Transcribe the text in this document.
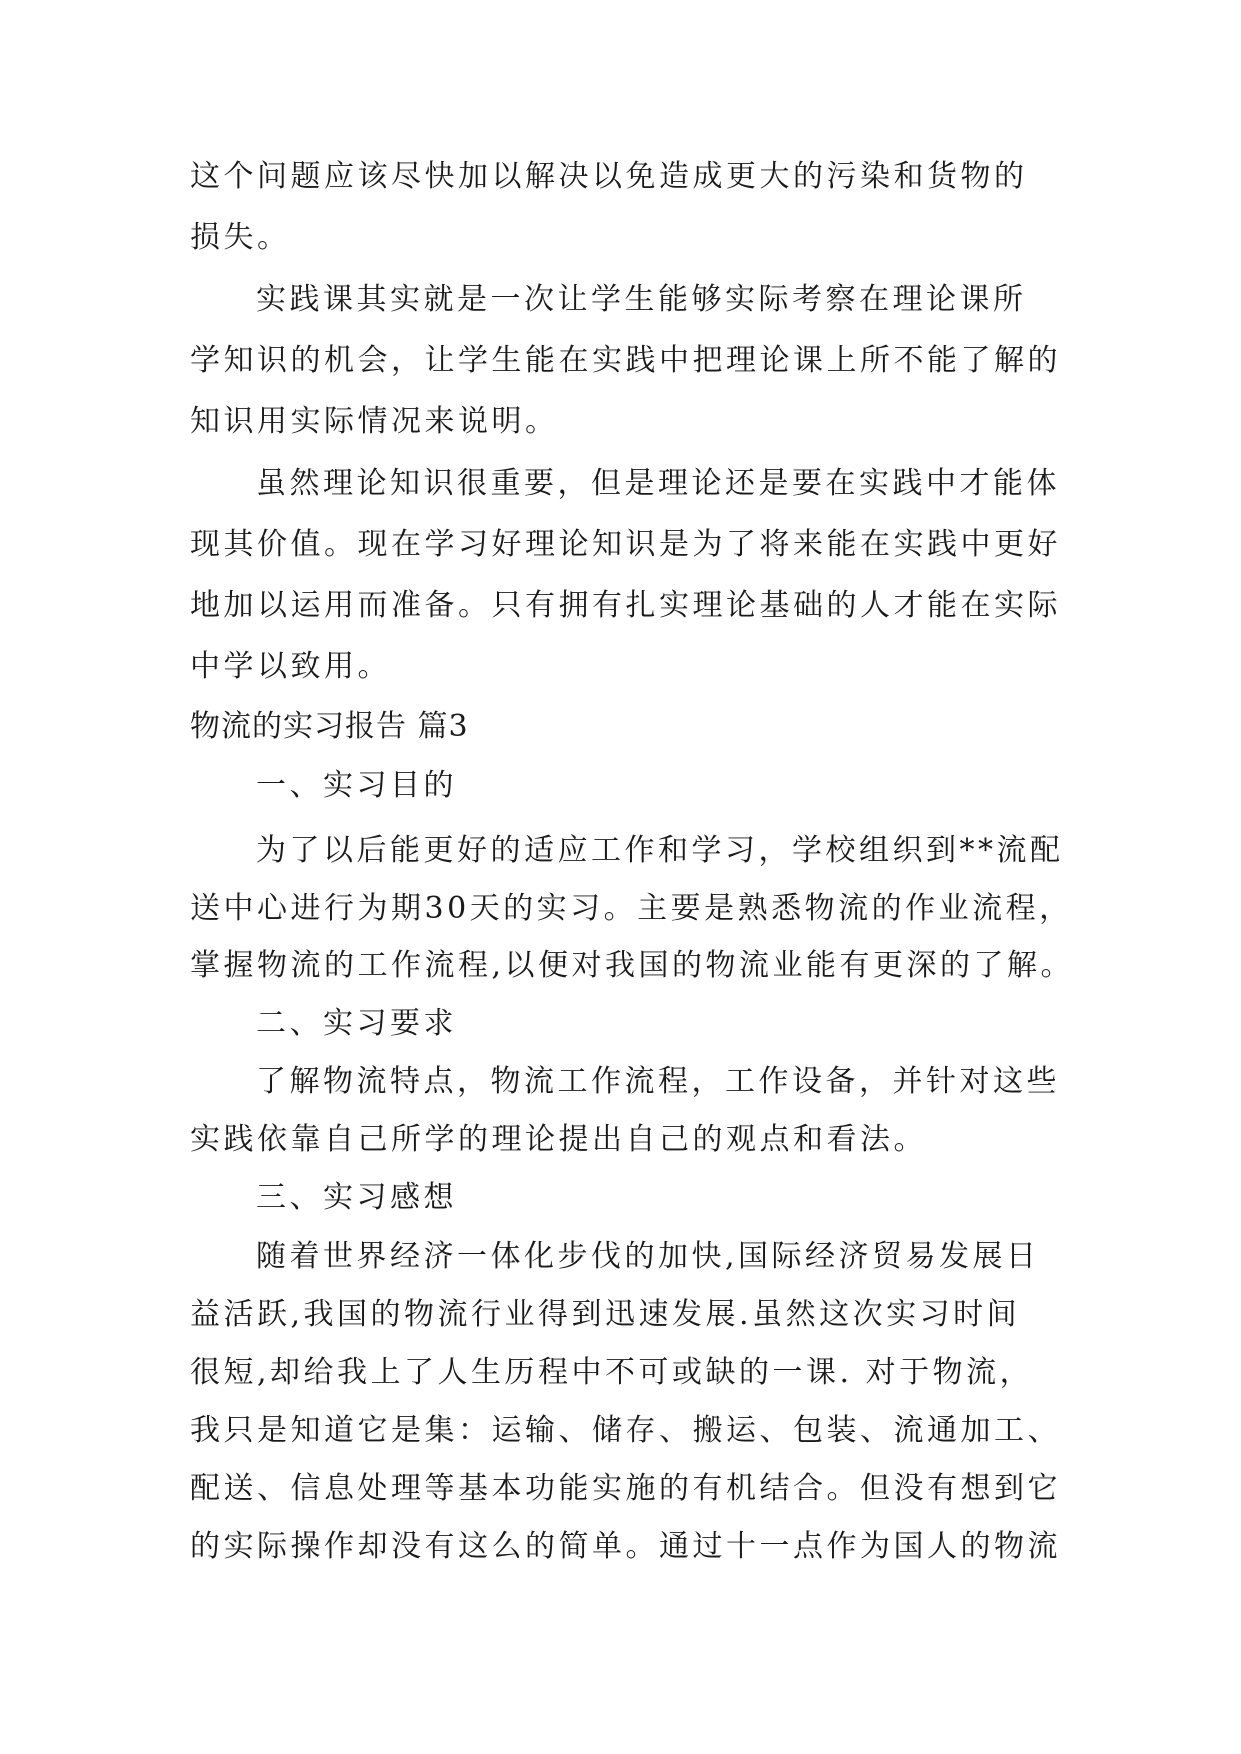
这个问题应该尽快加以解决以免造成更大的污染和货物的
损失。
实践课其实就是一次让学生能够实际考察在理论课所
学知识的机会，让学生能在实践中把理论课上所不能了解的
知识用实际情况来说明。
虽然理论知识很重要，但是理论还是要在实践中才能体
现其价值。现在学习好理论知识是为了将来能在实践中更好
地加以运用而准备。只有拥有扎实理论基础的人才能在实际
中学以致用。
物流的实习报告 篇3
一、实习目的
为了以后能更好的适应工作和学习，学校组织到**流配
送中心进行为期30天的实习。主要是熟悉物流的作业流程，
掌握物流的工作流程,以便对我国的物流业能有更深的了解。
二、实习要求
了解物流特点，物流工作流程，工作设备，并针对这些
实践依靠自己所学的理论提出自己的观点和看法。
三、实习感想
随着世界经济一体化步伐的加快,国际经济贸易发展日
益活跃,我国的物流行业得到迅速发展.虽然这次实习时间
很短,却给我上了人生历程中不可或缺的一课. 对于物流，
我只是知道它是集：运输、储存、搬运、包装、流通加工、
配送、信息处理等基本功能实施的有机结合。但没有想到它
的实际操作却没有这么的简单。通过十一点作为国人的物流
